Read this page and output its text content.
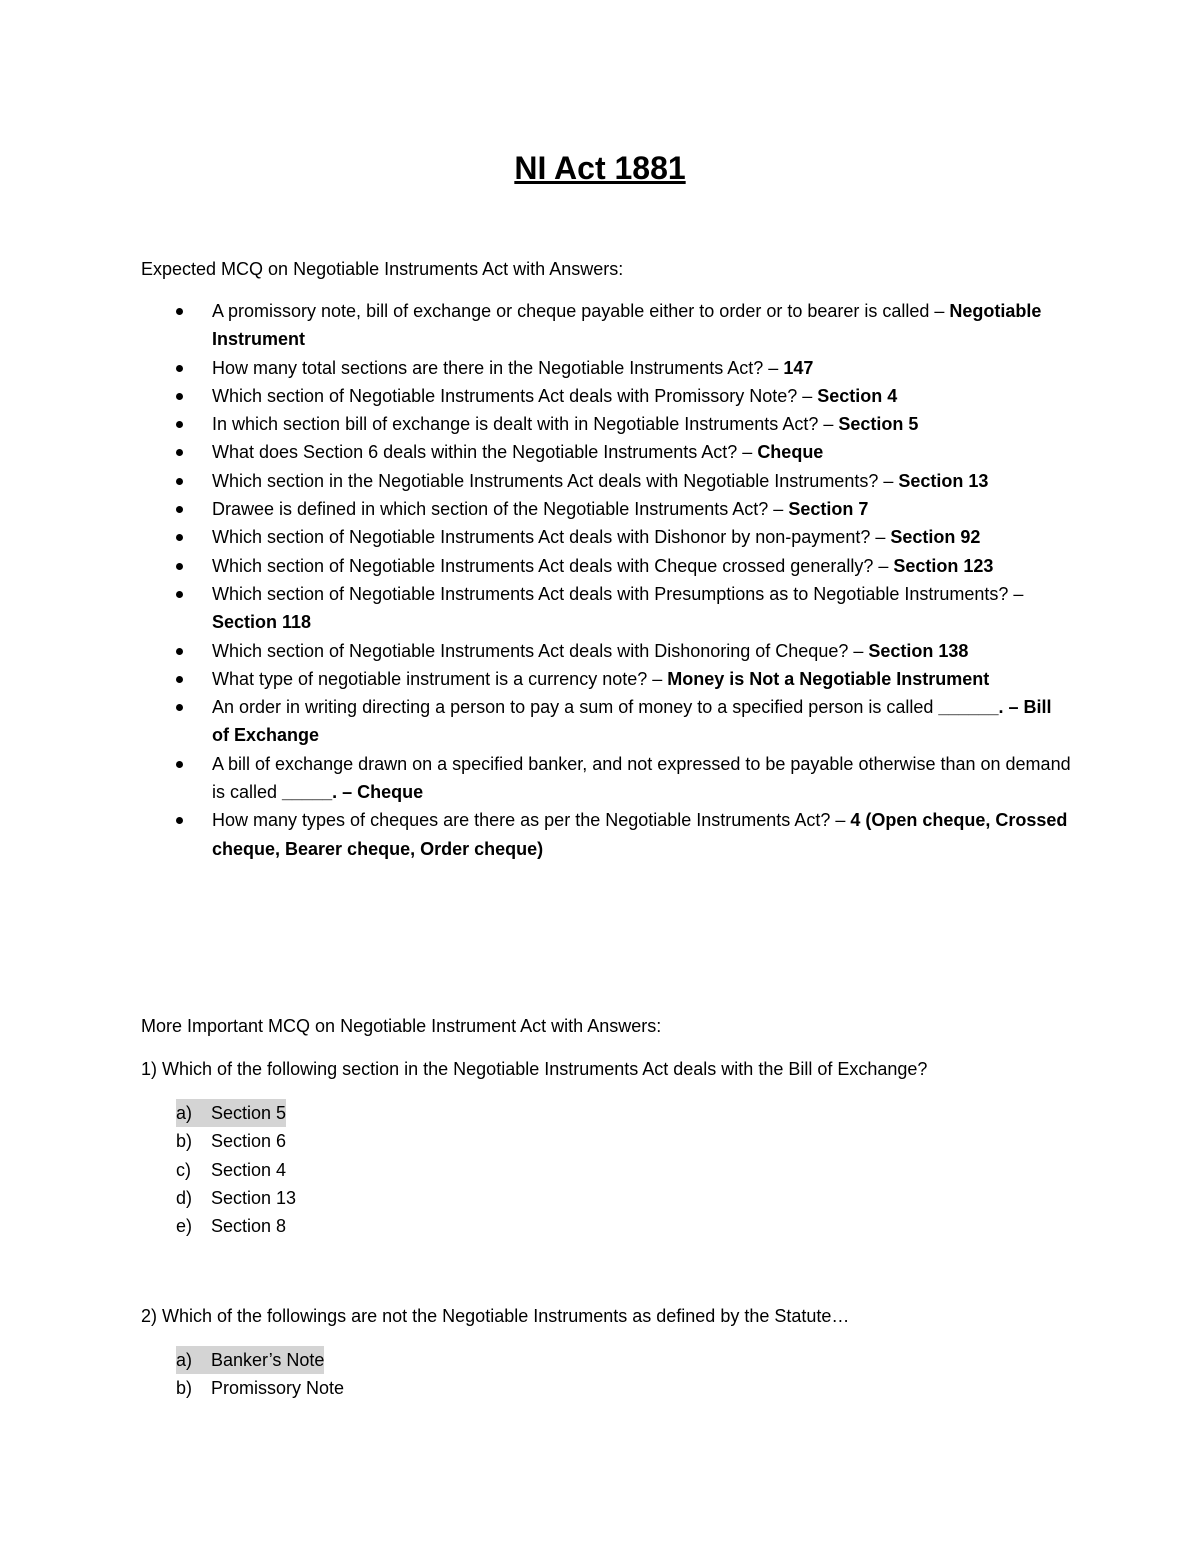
NI Act 1881
Expected MCQ on Negotiable Instruments Act with Answers:
A promissory note, bill of exchange or cheque payable either to order or to bearer is called – Negotiable Instrument
How many total sections are there in the Negotiable Instruments Act? – 147
Which section of Negotiable Instruments Act deals with Promissory Note? – Section 4
In which section bill of exchange is dealt with in Negotiable Instruments Act? – Section 5
What does Section 6 deals within the Negotiable Instruments Act? – Cheque
Which section in the Negotiable Instruments Act deals with Negotiable Instruments? – Section 13
Drawee is defined in which section of the Negotiable Instruments Act? – Section 7
Which section of Negotiable Instruments Act deals with Dishonor by non-payment? – Section 92
Which section of Negotiable Instruments Act deals with Cheque crossed generally? – Section 123
Which section of Negotiable Instruments Act deals with Presumptions as to Negotiable Instruments? – Section 118
Which section of Negotiable Instruments Act deals with Dishonoring of Cheque? – Section 138
What type of negotiable instrument is a currency note? – Money is Not a Negotiable Instrument
An order in writing directing a person to pay a sum of money to a specified person is called ______. – Bill of Exchange
A bill of exchange drawn on a specified banker, and not expressed to be payable otherwise than on demand is called _____. – Cheque
How many types of cheques are there as per the Negotiable Instruments Act? – 4 (Open cheque, Crossed cheque, Bearer cheque, Order cheque)
More Important MCQ on Negotiable Instrument Act with Answers:
1) Which of the following section in the Negotiable Instruments Act deals with the Bill of Exchange?
a) Section 5
b) Section 6
c) Section 4
d) Section 13
e) Section 8
2) Which of the followings are not the Negotiable Instruments as defined by the Statute…
a) Banker’s Note
b) Promissory Note
